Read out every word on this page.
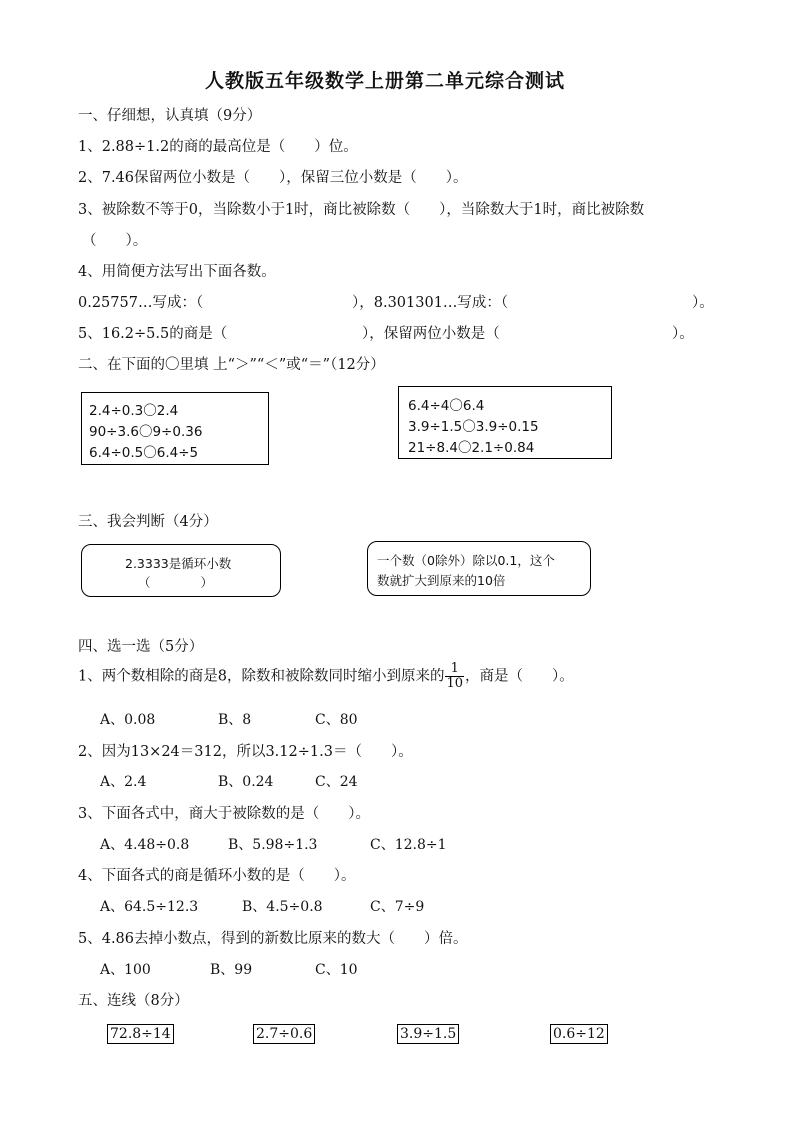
人教版五年级数学上册第二单元综合测试
一、仔细想，认真填（9分）
1、2.88÷1.2的商的最高位是（　　）位。
2、7.46保留两位小数是（　　），保留三位小数是（　　）。
3、被除数不等于0，当除数小于1时，商比被除数（　　），当除数大于1时，商比被除数
（　　）。
4、用简便方法写出下面各数。
0.25757…写成：（	），8.301301…写成：（	）。
5、16.2÷5.5的商是（	），保留两位小数是（	）。
二、在下面的〇里填 上“＞”“＜”或“＝”（12分）
2.4÷0.3〇2.4
90÷3.6〇9÷0.36
6.4÷0.5〇6.4÷5
6.4÷4〇6.4
3.9÷1.5〇3.9÷0.15
21÷8.4〇2.1÷0.84
三、我会判断（4分）
2.3333是循环小数
（　　　　）
一个数（0除外）除以0.1，这个
数就扩大到原来的10倍
四、选一选（5分）
1、两个数相除的商是8，除数和被除数同时缩小到原来的 $\frac{1}{10}$ ，商是（　　）。
A、0.08	B、8	C、80
2、因为13×24＝312，所以3.12÷1.3＝（　　）。
A、2.4	B、0.24	C、24
3、下面各式中，商大于被除数的是（　　）。
A、4.48÷0.8	B、5.98÷1.3	C、12.8÷1
4、下面各式的商是循环小数的是（　　）。
A、64.5÷12.3	B、4.5÷0.8	C、7÷9
5、4.86去掉小数点，得到的新数比原来的数大（　　）倍。
A、100	B、99	C、10
五、连线（8分）
72.8÷14	2.7÷0.6	3.9÷1.5	0.6÷12
